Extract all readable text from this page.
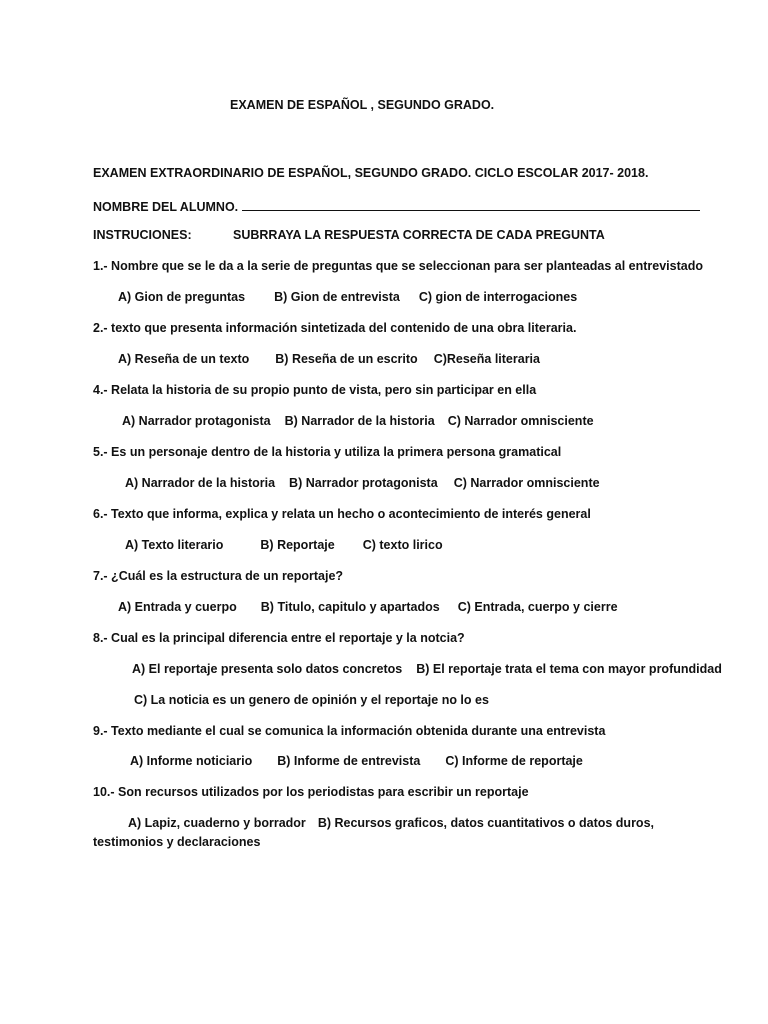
EXAMEN DE ESPAÑOL , SEGUNDO GRADO.
EXAMEN EXTRAORDINARIO DE ESPAÑOL, SEGUNDO GRADO. CICLO ESCOLAR 2017- 2018.
NOMBRE DEL ALUMNO.
INSTRUCIONES:	SUBRRAYA LA RESPUESTA CORRECTA DE CADA PREGUNTA
1.- Nombre que se le da a la serie de preguntas que se seleccionan para ser planteadas al entrevistado
A) Gion de preguntas B) Gion de entrevista C) gion de interrogaciones
2.- texto que presenta información sintetizada del contenido de una obra literaria.
A) Reseña de un texto B) Reseña de un escrito C)Reseña literaria
4.- Relata la historia de su propio punto de vista, pero sin participar en ella
A) Narrador protagonista B) Narrador de la historia C) Narrador omnisciente
5.- Es un personaje dentro de la historia y utiliza la primera persona gramatical
A) Narrador de la historia B) Narrador protagonista C) Narrador omnisciente
6.- Texto que informa, explica y relata un hecho o acontecimiento de interés general
A) Texto literario	B) Reportaje C) texto lirico
7.- ¿Cuál es la estructura de un reportaje?
A) Entrada y cuerpo B) Titulo, capitulo y apartados C) Entrada, cuerpo y cierre
8.- Cual es la principal diferencia entre el reportaje y la notcia?
A) El reportaje presenta solo datos concretos B) El reportaje trata el tema con mayor profundidad
C) La noticia es un genero de opinión y el reportaje no lo es
9.- Texto mediante el cual se comunica la información obtenida durante una entrevista
A) Informe noticiario B) Informe de entrevista C) Informe de reportaje
10.- Son recursos utilizados por los periodistas para escribir un reportaje
A) Lapiz, cuaderno y borrador B) Recursos graficos, datos cuantitativos o datos duros, testimonios y declaraciones
